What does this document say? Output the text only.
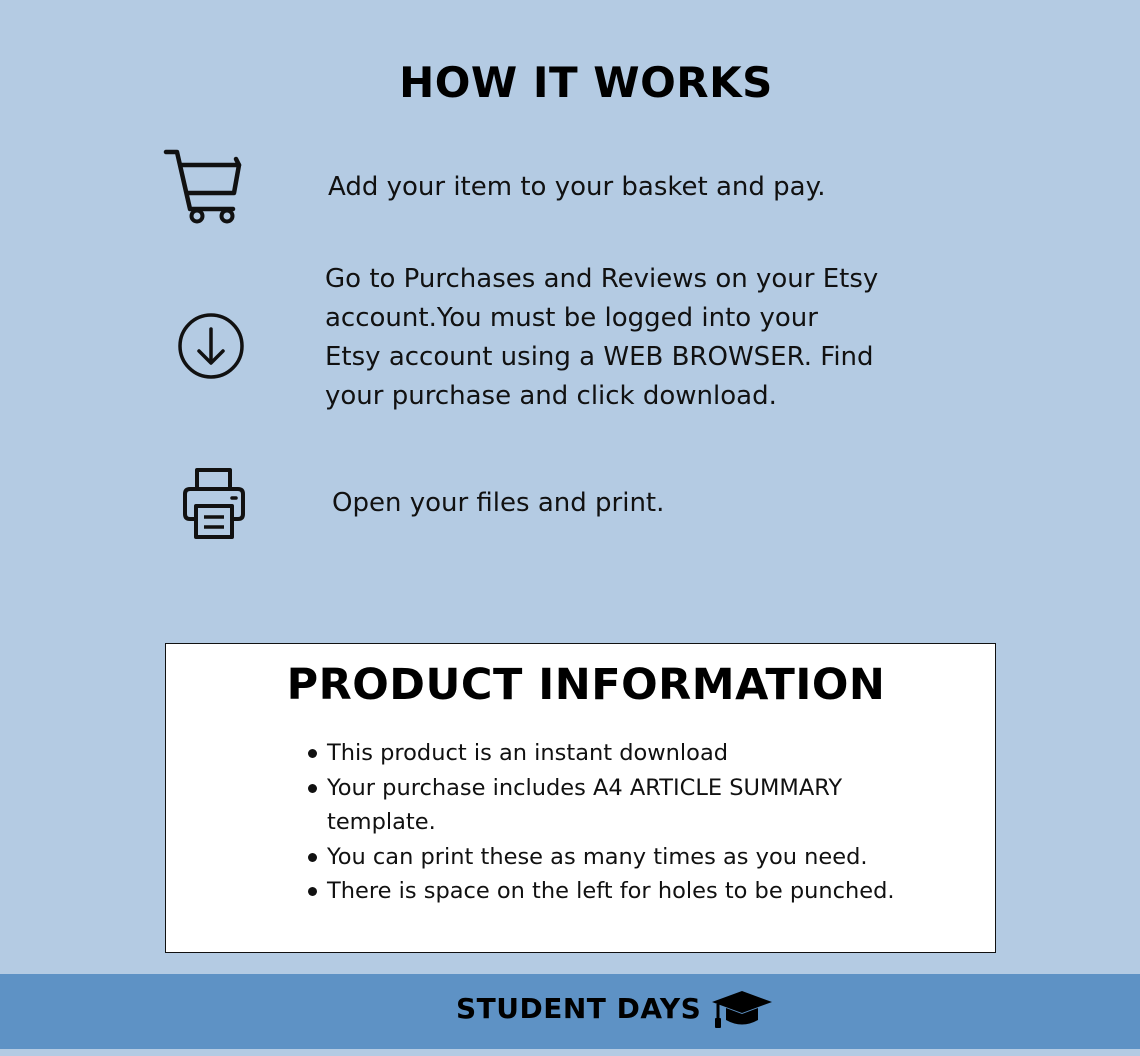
HOW IT WORKS
Add your item to your basket and pay.
Go to Purchases and Reviews on your Etsy
account.You must be logged into your
Etsy account using a WEB BROWSER. Find
your purchase and click download.
Open your files and print.
PRODUCT INFORMATION
This product is an instant download
Your purchase includes A4 ARTICLE SUMMARY
template.
You can print these as many times as you need.
There is space on the left for holes to be punched.
STUDENT DAYS
